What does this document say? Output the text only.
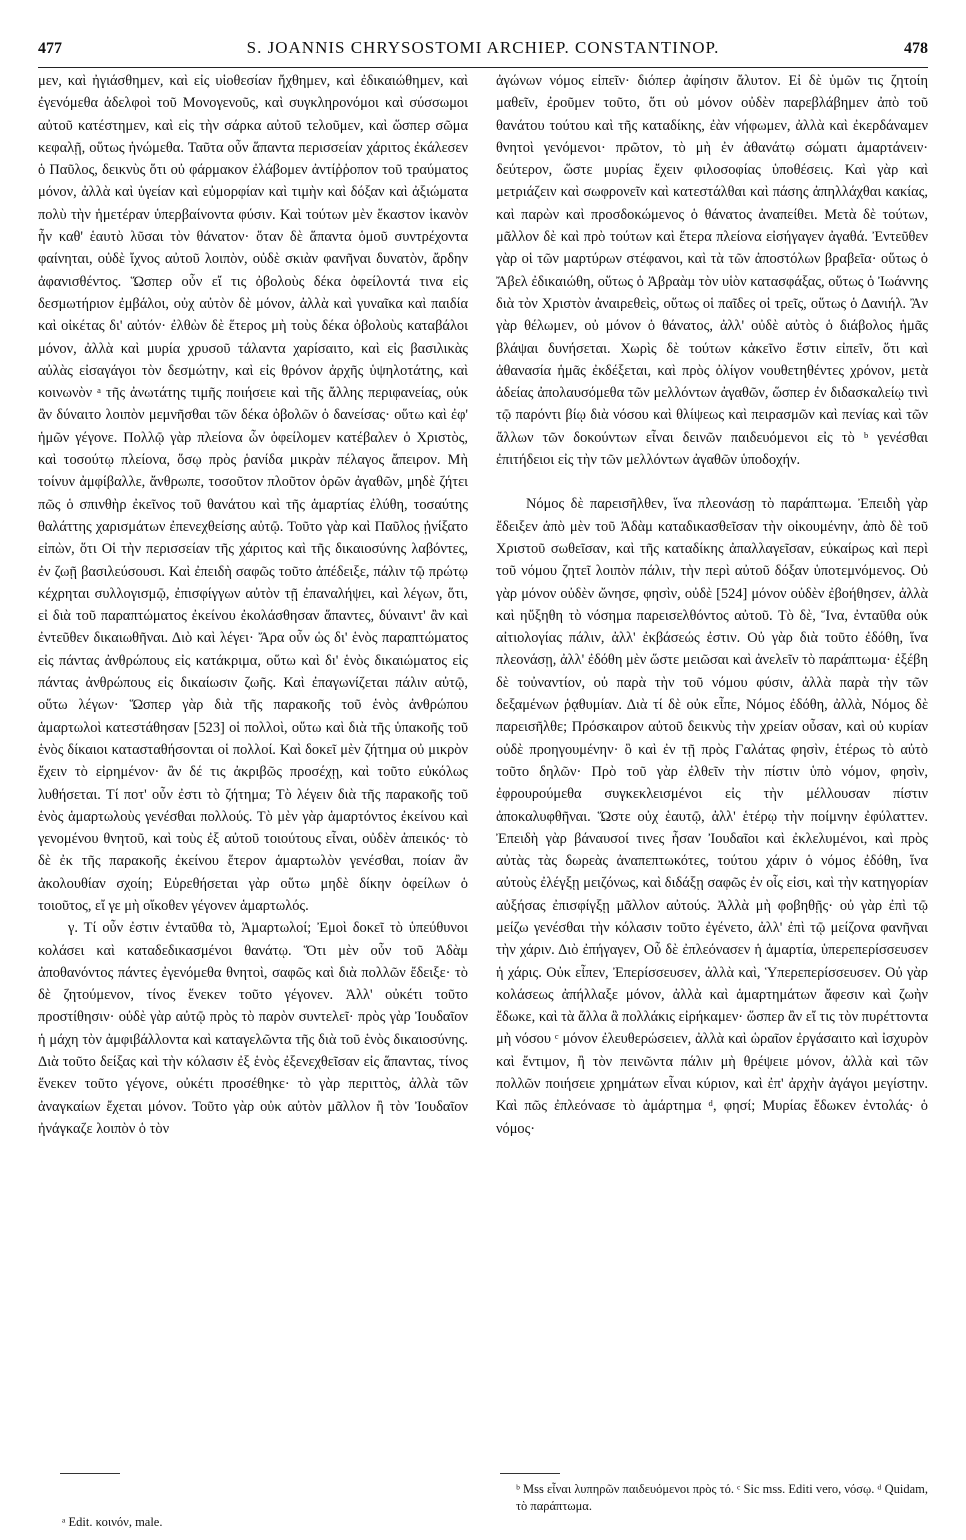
477	S. JOANNIS CHRYSOSTOMI ARCHIEP. CONSTANTINOP.	478

μεν, καὶ ἠγιάσθημεν, καὶ εἰς υἱοθεσίαν ἤχθημεν, καὶ ἐδικαιώθημεν, καὶ ἐγενόμεθα ἀδελφοὶ τοῦ Μονογενοῦς, καὶ συγκληρονόμοι καὶ σύσσωμοι αὐτοῦ κατέστημεν, καὶ εἰς τὴν σάρκα αὐτοῦ τελοῦμεν, καὶ ὥσπερ σῶμα κεφαλῇ, οὕτως ἡνώμεθα. Ταῦτα οὖν ἅπαντα περισσείαν χάριτος ἐκάλεσεν ὁ Παῦλος, δεικνὺς ὅτι οὐ φάρμακον ἐλάβομεν ἀντίῤῥοπον τοῦ τραύματος μόνον, ἀλλὰ καὶ ὑγείαν καὶ εὐμορφίαν καὶ τιμὴν καὶ δόξαν καὶ ἀξιώματα πολὺ τὴν ἡμετέραν ὑπερβαίνοντα φύσιν. Καὶ τούτων μὲν ἕκαστον ἱκανὸν ἦν καθ' ἑαυτὸ λῦσαι τὸν θάνατον· ὅταν δὲ ἅπαντα ὁμοῦ συντρέχοντα φαίνηται, οὐδὲ ἴχνος αὐτοῦ λοιπὸν, οὐδὲ σκιὰν φανῆναι δυνατὸν, ἄρδην ἀφανισθέντος. Ὥσπερ οὖν εἴ τις ὀβολοὺς δέκα ὀφείλοντά τινα εἰς δεσμωτήριον ἐμβάλοι, οὐχ αὐτὸν δὲ μόνον, ἀλλὰ καὶ γυναῖκα καὶ παιδία καὶ οἰκέτας δι' αὐτόν· ἐλθὼν δὲ ἕτερος μὴ τοὺς δέκα ὀβολοὺς καταβάλοι μόνον, ἀλλὰ καὶ μυρία χρυσοῦ τάλαντα χαρίσαιτο, καὶ εἰς βασιλικὰς αὐλὰς εἰσαγάγοι τὸν δεσμώτην, καὶ εἰς θρόνον ἀρχῆς ὑψηλοτάτης, καὶ κοινωνὸν ᵃ τῆς ἀνωτάτης τιμῆς ποιήσειε καὶ τῆς ἄλλης περιφανείας, οὐκ ἂν δύναιτο λοιπὸν μεμνῆσθαι τῶν δέκα ὀβολῶν ὁ δανείσας· οὕτω καὶ ἐφ' ἡμῶν γέγονε. Πολλῷ γὰρ πλείονα ὧν ὀφείλομεν κατέβαλεν ὁ Χριστὸς, καὶ τοσούτῳ πλείονα, ὅσῳ πρὸς ῥανίδα μικρὰν πέλαγος ἄπειρον. Μὴ τοίνυν ἀμφίβαλλε, ἄνθρωπε, τοσοῦτον πλοῦτον ὁρῶν ἀγαθῶν, μηδὲ ζήτει πῶς ὁ σπινθὴρ ἐκεῖνος τοῦ θανάτου καὶ τῆς ἁμαρτίας ἐλύθη, τοσαύτης θαλάττης χαρισμάτων ἐπενεχθείσης αὐτῷ. Τοῦτο γὰρ καὶ Παῦλος ᾐνίξατο εἰπὼν, ὅτι Οἱ τὴν περισσείαν τῆς χάριτος καὶ τῆς δικαιοσύνης λαβόντες, ἐν ζωῇ βασιλεύσουσι. Καὶ ἐπειδὴ σαφῶς τοῦτο ἀπέδειξε, πάλιν τῷ πρώτῳ κέχρηται συλλογισμῷ, ἐπισφίγγων αὐτὸν τῇ ἐπαναλήψει, καὶ λέγων, ὅτι, εἰ διὰ τοῦ παραπτώματος ἐκείνου ἐκολάσθησαν ἅπαντες, δύναιντ' ἂν καὶ ἐντεῦθεν δικαιωθῆναι. Διὸ καὶ λέγει· Ἄρα οὖν ὡς δι' ἑνὸς παραπτώματος εἰς πάντας ἀνθρώπους εἰς κατάκριμα, οὕτω καὶ δι' ἑνὸς δικαιώματος εἰς πάντας ἀνθρώπους εἰς δικαίωσιν ζωῆς. Καὶ ἐπαγωνίζεται πάλιν αὐτῷ, οὕτω λέγων· Ὥσπερ γὰρ διὰ τῆς παρακοῆς τοῦ ἑνὸς ἀνθρώπου ἁμαρτωλοὶ κατεστάθησαν [523] οἱ πολλοὶ, οὕτω καὶ διὰ τῆς ὑπακοῆς τοῦ ἑνὸς δίκαιοι κατασταθήσονται οἱ πολλοί. Καὶ δοκεῖ μὲν ζήτημα οὐ μικρὸν ἔχειν τὸ εἰρημένον· ἂν δέ τις ἀκριβῶς προσέχῃ, καὶ τοῦτο εὐκόλως λυθήσεται. Τί ποτ' οὖν ἐστι τὸ ζήτημα; Τὸ λέγειν διὰ τῆς παρακοῆς τοῦ ἑνὸς ἁμαρτωλοὺς γενέσθαι πολλούς. Τὸ μὲν γὰρ ἁμαρτόντος ἐκείνου καὶ γενομένου θνητοῦ, καὶ τοὺς ἐξ αὐτοῦ τοιούτους εἶναι, οὐδὲν ἀπεικός· τὸ δὲ ἐκ τῆς παρακοῆς ἐκείνου ἕτερον ἁμαρτωλὸν γενέσθαι, ποίαν ἂν ἀκολουθίαν σχοίη; Εὑρεθήσεται γὰρ οὕτω μηδὲ δίκην ὀφείλων ὁ τοιοῦτος, εἴ γε μὴ οἴκοθεν γέγονεν ἁμαρτωλός.

γ. Τί οὖν ἐστιν ἐνταῦθα τὸ, Ἁμαρτωλοί; Ἐμοὶ δοκεῖ τὸ ὑπεύθυνοι κολάσει καὶ καταδεδικασμένοι θανάτῳ. Ὅτι μὲν οὖν τοῦ Ἀδὰμ ἀποθανόντος πάντες ἐγενόμεθα θνητοὶ, σαφῶς καὶ διὰ πολλῶν ἔδειξε· τὸ δὲ ζητούμενον, τίνος ἕνεκεν τοῦτο γέγονεν. Ἀλλ' οὐκέτι τοῦτο προστίθησιν· οὐδὲ γὰρ αὐτῷ πρὸς τὸ παρὸν συντελεῖ· πρὸς γὰρ Ἰουδαῖον ἡ μάχη τὸν ἀμφιβάλλοντα καὶ καταγελῶντα τῆς διὰ τοῦ ἑνὸς δικαιοσύνης. Διὰ τοῦτο δείξας καὶ τὴν κόλασιν ἐξ ἑνὸς ἐξενεχθεῖσαν εἰς ἅπαντας, τίνος ἕνεκεν τοῦτο γέγονε, οὐκέτι προσέθηκε· τὸ γὰρ περιττὸς, ἀλλὰ τῶν ἀναγκαίων ἔχεται μόνον. Τοῦτο γὰρ οὐκ αὐτὸν μᾶλλον ἢ τὸν Ἰουδαῖον ἠνάγκαζε λοιπὸν ὁ τὸν

ἀγώνων νόμος εἰπεῖν· διόπερ ἀφίησιν ἄλυτον. Εἰ δὲ ὑμῶν τις ζητοίη μαθεῖν, ἐροῦμεν τοῦτο, ὅτι οὐ μόνον οὐδὲν παρεβλάβημεν ἀπὸ τοῦ θανάτου τούτου καὶ τῆς καταδίκης, ἐὰν νήφωμεν, ἀλλὰ καὶ ἐκερδάναμεν θνητοὶ γενόμενοι· πρῶτον, τὸ μὴ ἐν ἀθανάτῳ σώματι ἁμαρτάνειν· δεύτερον, ὥστε μυρίας ἔχειν φιλοσοφίας ὑποθέσεις. Καὶ γὰρ καὶ μετριάζειν καὶ σωφρονεῖν καὶ κατεστάλθαι καὶ πάσης ἀπηλλάχθαι κακίας, καὶ παρὼν καὶ προσδοκώμενος ὁ θάνατος ἀναπείθει. Μετὰ δὲ τούτων, μᾶλλον δὲ καὶ πρὸ τούτων καὶ ἕτερα πλείονα εἰσήγαγεν ἀγαθά. Ἐντεῦθεν γὰρ οἱ τῶν μαρτύρων στέφανοι, καὶ τὰ τῶν ἀποστόλων βραβεῖα· οὕτως ὁ Ἄβελ ἐδικαιώθη, οὕτως ὁ Ἀβραὰμ τὸν υἱὸν κατασφάξας, οὕτως ὁ Ἰωάννης διὰ τὸν Χριστὸν ἀναιρεθεὶς, οὕτως οἱ παῖδες οἱ τρεῖς, οὕτως ὁ Δανιήλ. Ἂν γὰρ θέλωμεν, οὐ μόνον ὁ θάνατος, ἀλλ' οὐδὲ αὐτὸς ὁ διάβολος ἡμᾶς βλάψαι δυνήσεται. Χωρὶς δὲ τούτων κἀκεῖνο ἔστιν εἰπεῖν, ὅτι καὶ ἀθανασία ἡμᾶς ἐκδέξεται, καὶ πρὸς ὀλίγον νουθετηθέντες χρόνον, μετὰ ἀδείας ἀπολαυσόμεθα τῶν μελλόντων ἀγαθῶν, ὥσπερ ἐν διδασκαλείῳ τινὶ τῷ παρόντι βίῳ διὰ νόσου καὶ θλίψεως καὶ πειρασμῶν καὶ πενίας καὶ τῶν ἄλλων τῶν δοκούντων εἶναι δεινῶν παιδευόμενοι εἰς τὸ ᵇ γενέσθαι ἐπιτήδειοι εἰς τὴν τῶν μελλόντων ἀγαθῶν ὑποδοχήν.

Νόμος δὲ παρεισῆλθεν, ἵνα πλεονάσῃ τὸ παράπτωμα. Ἐπειδὴ γὰρ ἔδειξεν ἀπὸ μὲν τοῦ Ἀδὰμ καταδικασθεῖσαν τὴν οἰκουμένην, ἀπὸ δὲ τοῦ Χριστοῦ σωθεῖσαν, καὶ τῆς καταδίκης ἀπαλλαγεῖσαν, εὐκαίρως καὶ περὶ τοῦ νόμου ζητεῖ λοιπὸν πάλιν, τὴν περὶ αὐτοῦ δόξαν ὑποτεμνόμενος. Οὐ γὰρ μόνον οὐδὲν ὤνησε, φησὶν, οὐδὲ [524] μόνον οὐδὲν ἐβοήθησεν, ἀλλὰ καὶ ηὔξηθη τὸ νόσημα παρεισελθόντος αὐτοῦ. Τὸ δὲ, Ἵνα, ἐνταῦθα οὐκ αἰτιολογίας πάλιν, ἀλλ' ἐκβάσεώς ἐστιν. Οὐ γὰρ διὰ τοῦτο ἐδόθη, ἵνα πλεονάσῃ, ἀλλ' ἐδόθη μὲν ὥστε μειῶσαι καὶ ἀνελεῖν τὸ παράπτωμα· ἐξέβη δὲ τοὐναντίον, οὐ παρὰ τὴν τοῦ νόμου φύσιν, ἀλλὰ παρὰ τὴν τῶν δεξαμένων ῥᾳθυμίαν. Διὰ τί δὲ οὐκ εἶπε, Νόμος ἐδόθη, ἀλλὰ, Νόμος δὲ παρεισῆλθε; Πρόσκαιρον αὐτοῦ δεικνὺς τὴν χρείαν οὖσαν, καὶ οὐ κυρίαν οὐδὲ προηγουμένην· ὃ καὶ ἐν τῇ πρὸς Γαλάτας φησὶν, ἑτέρως τὸ αὐτὸ τοῦτο δηλῶν· Πρὸ τοῦ γὰρ ἐλθεῖν τὴν πίστιν ὑπὸ νόμον, φησὶν, ἐφρουρούμεθα συγκεκλεισμένοι εἰς τὴν μέλλουσαν πίστιν ἀποκαλυφθῆναι. Ὥστε οὐχ ἑαυτῷ, ἀλλ' ἑτέρῳ τὴν ποίμνην ἐφύλαττεν. Ἐπειδὴ γὰρ βάναυσοί τινες ἦσαν Ἰουδαῖοι καὶ ἐκλελυμένοι, καὶ πρὸς αὐτὰς τὰς δωρεὰς ἀναπεπτωκότες, τούτου χάριν ὁ νόμος ἐδόθη, ἵνα αὐτοὺς ἐλέγξῃ μειζόνως, καὶ διδάξῃ σαφῶς ἐν οἷς εἰσι, καὶ τὴν κατηγορίαν αὐξήσας ἐπισφίγξῃ μᾶλλον αὐτούς. Ἀλλὰ μὴ φοβηθῇς· οὐ γὰρ ἐπὶ τῷ μείζω γενέσθαι τὴν κόλασιν τοῦτο ἐγένετο, ἀλλ' ἐπὶ τῷ μείζονα φανῆναι τὴν χάριν. Διὸ ἐπήγαγεν, Οὗ δὲ ἐπλεόνασεν ἡ ἁμαρτία, ὑπερεπερίσσευσεν ἡ χάρις. Οὐκ εἶπεν, Ἐπερίσσευσεν, ἀλλὰ καὶ, Ὑπερεπερίσσευσεν. Οὐ γὰρ κολάσεως ἀπήλλαξε μόνον, ἀλλὰ καὶ ἁμαρτημάτων ἄφεσιν καὶ ζωὴν ἔδωκε, καὶ τὰ ἄλλα ἃ πολλάκις εἰρήκαμεν· ὥσπερ ἂν εἴ τις τὸν πυρέττοντα μὴ νόσου ᶜ μόνον ἐλευθερώσειεν, ἀλλὰ καὶ ὡραῖον ἐργάσαιτο καὶ ἰσχυρὸν καὶ ἔντιμον, ἢ τὸν πεινῶντα πάλιν μὴ θρέψειε μόνον, ἀλλὰ καὶ τῶν πολλῶν ποιήσειε χρημάτων εἶναι κύριον, καὶ ἐπ' ἀρχὴν ἀγάγοι μεγίστην. Καὶ πῶς ἐπλεόνασε τὸ ἁμάρτημα ᵈ, φησί; Μυρίας ἔδωκεν ἐντολάς· ὁ νόμος·

ᵃ Edit. κοινόν, male.
ᵇ Mss εἶναι λυπηρῶν παιδευόμενοι πρὸς τό. ᶜ Sic mss. Editi vero, νόσῳ. ᵈ Quidam, τὸ παράπτωμα.
